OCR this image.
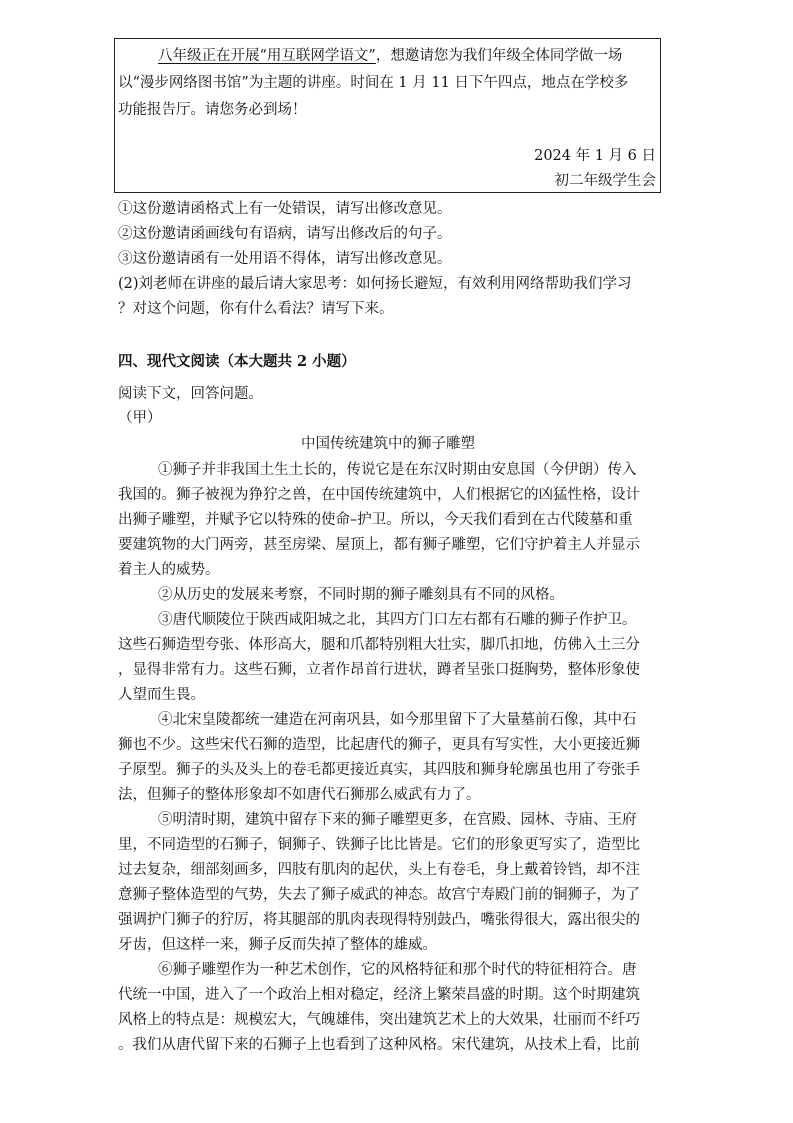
八年级正在开展“用互联网学语文”，想邀请您为我们年级全体同学做一场
以“漫步网络图书馆”为主题的讲座。时间在 1 月 11 日下午四点，地点在学校多
功能报告厅。请您务必到场！
2024 年 1 月 6 日
初二年级学生会
①这份邀请函格式上有一处错误，请写出修改意见。
②这份邀请函画线句有语病，请写出修改后的句子。
③这份邀请函有一处用语不得体，请写出修改意见。
(2)刘老师在讲座的最后请大家思考：如何扬长避短，有效利用网络帮助我们学习
？对这个问题，你有什么看法？请写下来。
四、现代文阅读（本大题共 2 小题）
阅读下文，回答问题。
（甲）
中国传统建筑中的狮子雕塑
①狮子并非我国土生土长的，传说它是在东汉时期由安息国（今伊朗）传入
我国的。狮子被视为狰狞之兽，在中国传统建筑中，人们根据它的凶猛性格，设计
出狮子雕塑，并赋予它以特殊的使命–护卫。所以，今天我们看到在古代陵墓和重
要建筑物的大门两旁，甚至房梁、屋顶上，都有狮子雕塑，它们守护着主人并显示
着主人的威势。
②从历史的发展来考察，不同时期的狮子雕刻具有不同的风格。
③唐代顺陵位于陕西咸阳城之北，其四方门口左右都有石雕的狮子作护卫。
这些石狮造型夸张、体形高大，腿和爪都特别粗大壮实，脚爪扣地，仿佛入土三分
，显得非常有力。这些石狮，立者作昂首行进状，蹲者呈张口挺胸势，整体形象使
人望而生畏。
④北宋皇陵都统一建造在河南巩县，如今那里留下了大量墓前石像，其中石
狮也不少。这些宋代石狮的造型，比起唐代的狮子，更具有写实性，大小更接近狮
子原型。狮子的头及头上的卷毛都更接近真实，其四肢和狮身轮廓虽也用了夸张手
法，但狮子的整体形象却不如唐代石狮那么威武有力了。
⑤明清时期，建筑中留存下来的狮子雕塑更多，在宫殿、园林、寺庙、王府
里，不同造型的石狮子，铜狮子、铁狮子比比皆是。它们的形象更写实了，造型比
过去复杂，细部刻画多，四肢有肌肉的起伏，头上有卷毛，身上戴着铃铛，却不注
意狮子整体造型的气势，失去了狮子威武的神态。故宫宁寿殿门前的铜狮子，为了
强调护门狮子的狞厉，将其腿部的肌肉表现得特别鼓凸，嘴张得很大，露出很尖的
牙齿，但这样一来，狮子反而失掉了整体的雄威。
⑥狮子雕塑作为一种艺术创作，它的风格特征和那个时代的特征相符合。唐
代统一中国，进入了一个政治上相对稳定，经济上繁荣昌盛的时期。这个时期建筑
风格上的特点是：规模宏大，气魄雄伟，突出建筑艺术上的大效果，壮丽而不纤巧
。我们从唐代留下来的石狮子上也看到了这种风格。宋代建筑，从技术上看，比前
